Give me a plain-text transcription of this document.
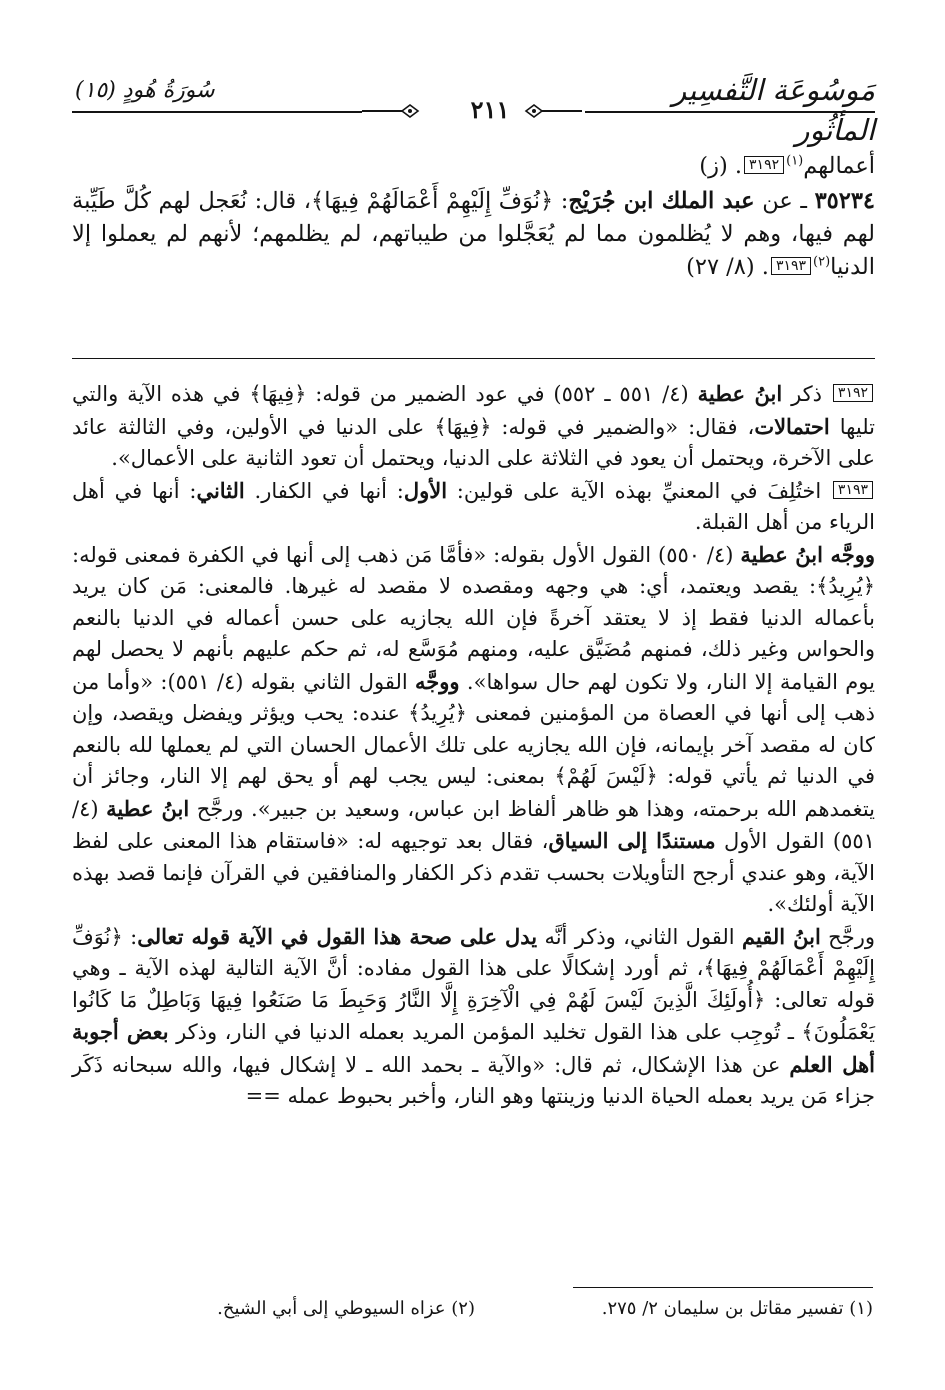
مَوسُوعَة التَّفسِير المأثُور
سُورَةُ هُودٍ (١٥)
٢١١

أعمالهم$^{(١)}$٣١٩٢. (ز)

٣٥٢٣٤ ـ عن عبد الملك ابن جُرَيْج: ﴿نُوَفِّ إِلَيْهِمْ أَعْمَالَهُمْ فِيهَا﴾، قال: نُعَجل لهم كُلَّ طَيِّبة لهم فيها، وهم لا يُظلمون مما لم يُعَجَّلوا من طيباتهم، لم يظلمهم؛ لأنهم لم يعملوا إلا الدنيا$^{(٢)}$٣١٩٣. (٨/ ٢٧)

٣١٩٢ ذكر ابنُ عطية (٤/ ٥٥١ ـ ٥٥٢) في عود الضمير من قوله: ﴿فِيهَا﴾ في هذه الآية والتي تليها احتمالات، فقال: «والضمير في قوله: ﴿فِيهَا﴾ على الدنيا في الأولين، وفي الثالثة عائد على الآخرة، ويحتمل أن يعود في الثلاثة على الدنيا، ويحتمل أن تعود الثانية على الأعمال».

٣١٩٣ اختُلِفَ في المعنيِّ بهذه الآية على قولين: الأول: أنها في الكفار. الثاني: أنها في أهل الرياء من أهل القبلة.

ووجَّه ابنُ عطية (٤/ ٥٥٠) القول الأول بقوله: «فأمَّا مَن ذهب إلى أنها في الكفرة فمعنى قوله: ﴿يُرِيدُ﴾: يقصد ويعتمد، أي: هي وجهه ومقصده لا مقصد له غيرها. فالمعنى: مَن كان يريد بأعماله الدنيا فقط إذ لا يعتقد آخرةً فإن الله يجازيه على حسن أعماله في الدنيا بالنعم والحواس وغير ذلك، فمنهم مُضَيَّق عليه، ومنهم مُوَسَّع له، ثم حكم عليهم بأنهم لا يحصل لهم يوم القيامة إلا النار، ولا تكون لهم حال سواها». ووجَّه القول الثاني بقوله (٤/ ٥٥١): «وأما من ذهب إلى أنها في العصاة من المؤمنين فمعنى ﴿يُرِيدُ﴾ عنده: يحب ويؤثر ويفضل ويقصد، وإن كان له مقصد آخر بإيمانه، فإن الله يجازيه على تلك الأعمال الحسان التي لم يعملها لله بالنعم في الدنيا ثم يأتي قوله: ﴿لَيْسَ لَهُمْ﴾ بمعنى: ليس يجب لهم أو يحق لهم إلا النار، وجائز أن يتغمدهم الله برحمته، وهذا هو ظاهر ألفاظ ابن عباس، وسعيد بن جبير». ورجَّح ابنُ عطية (٤/ ٥٥١) القول الأول مستندًا إلى السياق، فقال بعد توجيهه له: «فاستقام هذا المعنى على لفظ الآية، وهو عندي أرجح التأويلات بحسب تقدم ذكر الكفار والمنافقين في القرآن فإنما قصد بهذه الآية أولئك».

ورجَّح ابنُ القيم القول الثاني، وذكر أنَّه يدل على صحة هذا القول في الآية قوله تعالى: ﴿نُوَفِّ إِلَيْهِمْ أَعْمَالَهُمْ فِيهَا﴾، ثم أورد إشكالًا على هذا القول مفاده: أنَّ الآية التالية لهذه الآية ـ وهي قوله تعالى: ﴿أُولَئِكَ الَّذِينَ لَيْسَ لَهُمْ فِي الْآخِرَةِ إِلَّا النَّارُ وَحَبِطَ مَا صَنَعُوا فِيهَا وَبَاطِلٌ مَا كَانُوا يَعْمَلُونَ﴾ ـ تُوجِب على هذا القول تخليد المؤمن المريد بعمله الدنيا في النار، وذكر بعض أجوبة أهل العلم عن هذا الإشكال، ثم قال: «والآية ـ بحمد الله ـ لا إشكال فيها، والله سبحانه ذَكَر جزاء مَن يريد بعمله الحياة الدنيا وزينتها وهو النار، وأخبر بحبوط عمله ==

(١) تفسير مقاتل بن سليمان ٢/ ٢٧٥.
(٢) عزاه السيوطي إلى أبي الشيخ.
